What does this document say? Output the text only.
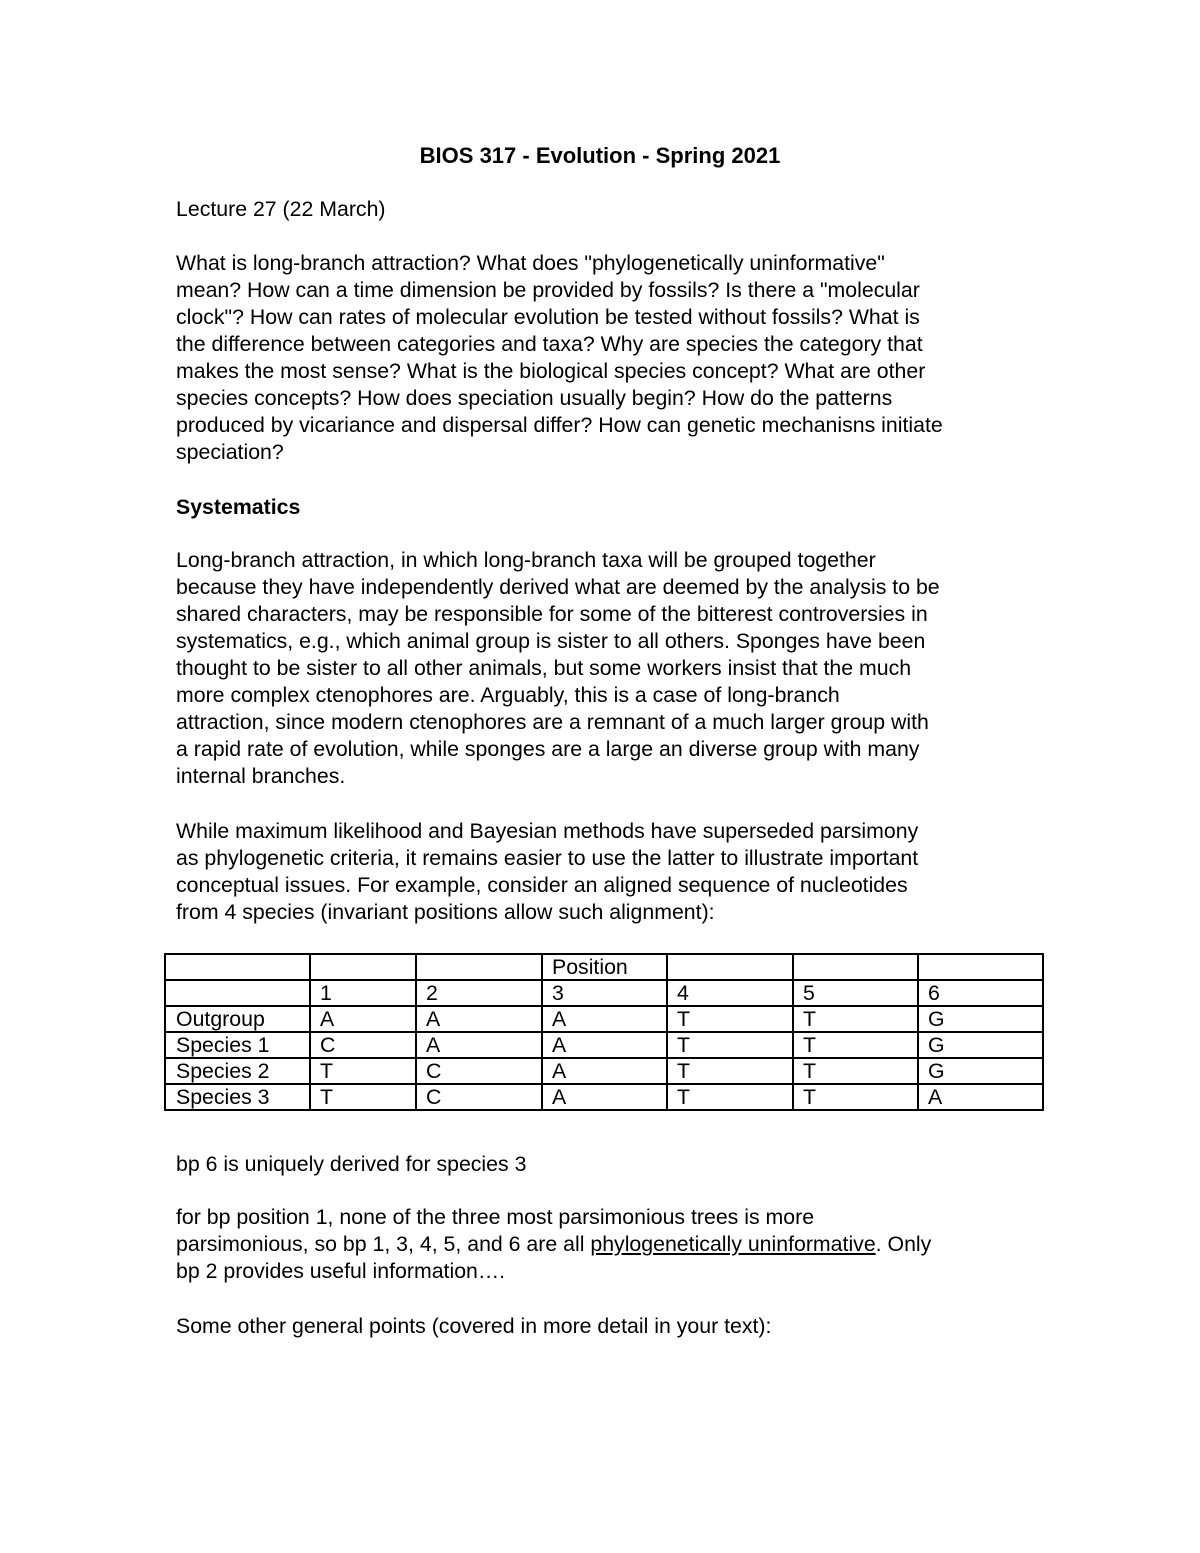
BIOS 317 - Evolution - Spring 2021
Lecture 27 (22 March)
What is long-branch attraction? What does "phylogenetically uninformative"
mean? How can a time dimension be provided by fossils? Is there a "molecular
clock"? How can rates of molecular evolution be tested without fossils? What is
the difference between categories and taxa? Why are species the category that
makes the most sense? What is the biological species concept? What are other
species concepts? How does speciation usually begin? How do the patterns
produced by vicariance and dispersal differ? How can genetic mechanisns initiate
speciation?
Systematics
Long-branch attraction, in which long-branch taxa will be grouped together
because they have independently derived what are deemed by the analysis to be
shared characters, may be responsible for some of the bitterest controversies in
systematics, e.g., which animal group is sister to all others. Sponges have been
thought to be sister to all other animals, but some workers insist that the much
more complex ctenophores are. Arguably, this is a case of long-branch
attraction, since modern ctenophores are a remnant of a much larger group with
a rapid rate of evolution, while sponges are a large an diverse group with many
internal branches.
While maximum likelihood and Bayesian methods have superseded parsimony
as phylogenetic criteria, it remains easier to use the latter to illustrate important
conceptual issues. For example, consider an aligned sequence of nucleotides
from 4 species (invariant positions allow such alignment):
			Position			
	1	2	3	4	5	6
Outgroup	A	A	A	T	T	G
Species 1	C	A	A	T	T	G
Species 2	T	C	A	T	T	G
Species 3	T	C	A	T	T	A
bp 6 is uniquely derived for species 3
for bp position 1, none of the three most parsimonious trees is more
parsimonious, so bp 1, 3, 4, 5, and 6 are all phylogenetically uninformative. Only
bp 2 provides useful information….
Some other general points (covered in more detail in your text):
